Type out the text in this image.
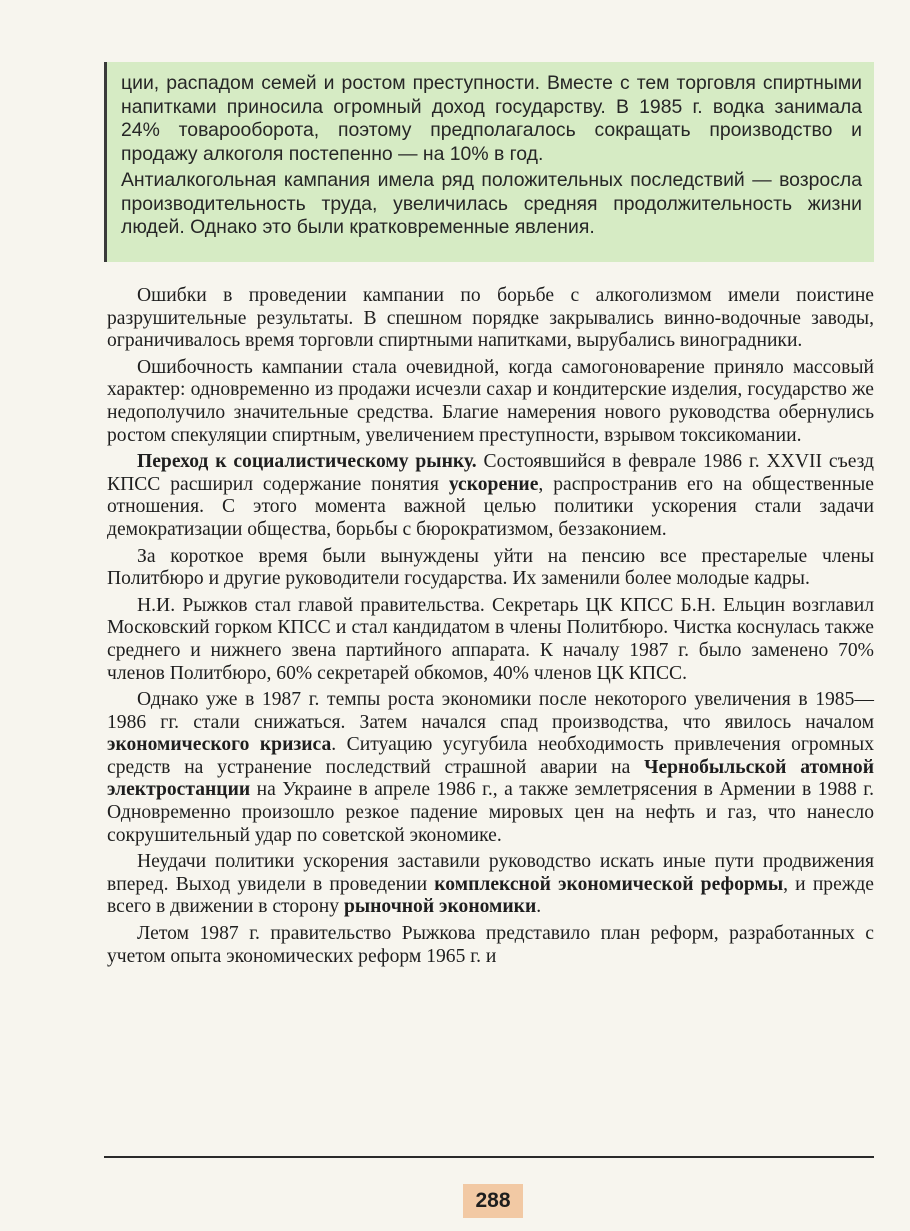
ции, распадом семей и ростом преступности. Вместе с тем торговля спиртными напитками приносила огромный доход государству. В 1985 г. водка занимала 24% товарооборота, поэтому предполагалось сокращать производство и продажу алкоголя постепенно — на 10% в год.

Антиалкогольная кампания имела ряд положительных последствий — возросла производительность труда, увеличилась средняя продолжительность жизни людей. Однако это были кратковременные явления.

Ошибки в проведении кампании по борьбе с алкоголизмом имели поистине разрушительные результаты. В спешном порядке закрывались винно-водочные заводы, ограничивалось время торговли спиртными напитками, вырубались виноградники.

Ошибочность кампании стала очевидной, когда самогоноварение приняло массовый характер: одновременно из продажи исчезли сахар и кондитерские изделия, государство же недополучило значительные средства. Благие намерения нового руководства обернулись ростом спекуляции спиртным, увеличением преступности, взрывом токсикомании.

Переход к социалистическому рынку. Состоявшийся в феврале 1986 г. XXVII съезд КПСС расширил содержание понятия ускорение, распространив его на общественные отношения. С этого момента важной целью политики ускорения стали задачи демократизации общества, борьбы с бюрократизмом, беззаконием.

За короткое время были вынуждены уйти на пенсию все престарелые члены Политбюро и другие руководители государства. Их заменили более молодые кадры.

Н.И. Рыжков стал главой правительства. Секретарь ЦК КПСС Б.Н. Ельцин возглавил Московский горком КПСС и стал кандидатом в члены Политбюро. Чистка коснулась также среднего и нижнего звена партийного аппарата. К началу 1987 г. было заменено 70% членов Политбюро, 60% секретарей обкомов, 40% членов ЦК КПСС.

Однако уже в 1987 г. темпы роста экономики после некоторого увеличения в 1985—1986 гг. стали снижаться. Затем начался спад производства, что явилось началом экономического кризиса. Ситуацию усугубила необходимость привлечения огромных средств на устранение последствий страшной аварии на Чернобыльской атомной электростанции на Украине в апреле 1986 г., а также землетрясения в Армении в 1988 г. Одновременно произошло резкое падение мировых цен на нефть и газ, что нанесло сокрушительный удар по советской экономике.

Неудачи политики ускорения заставили руководство искать иные пути продвижения вперед. Выход увидели в проведении комплексной экономической реформы, и прежде всего в движении в сторону рыночной экономики.

Летом 1987 г. правительство Рыжкова представило план реформ, разработанных с учетом опыта экономических реформ 1965 г. и

288
